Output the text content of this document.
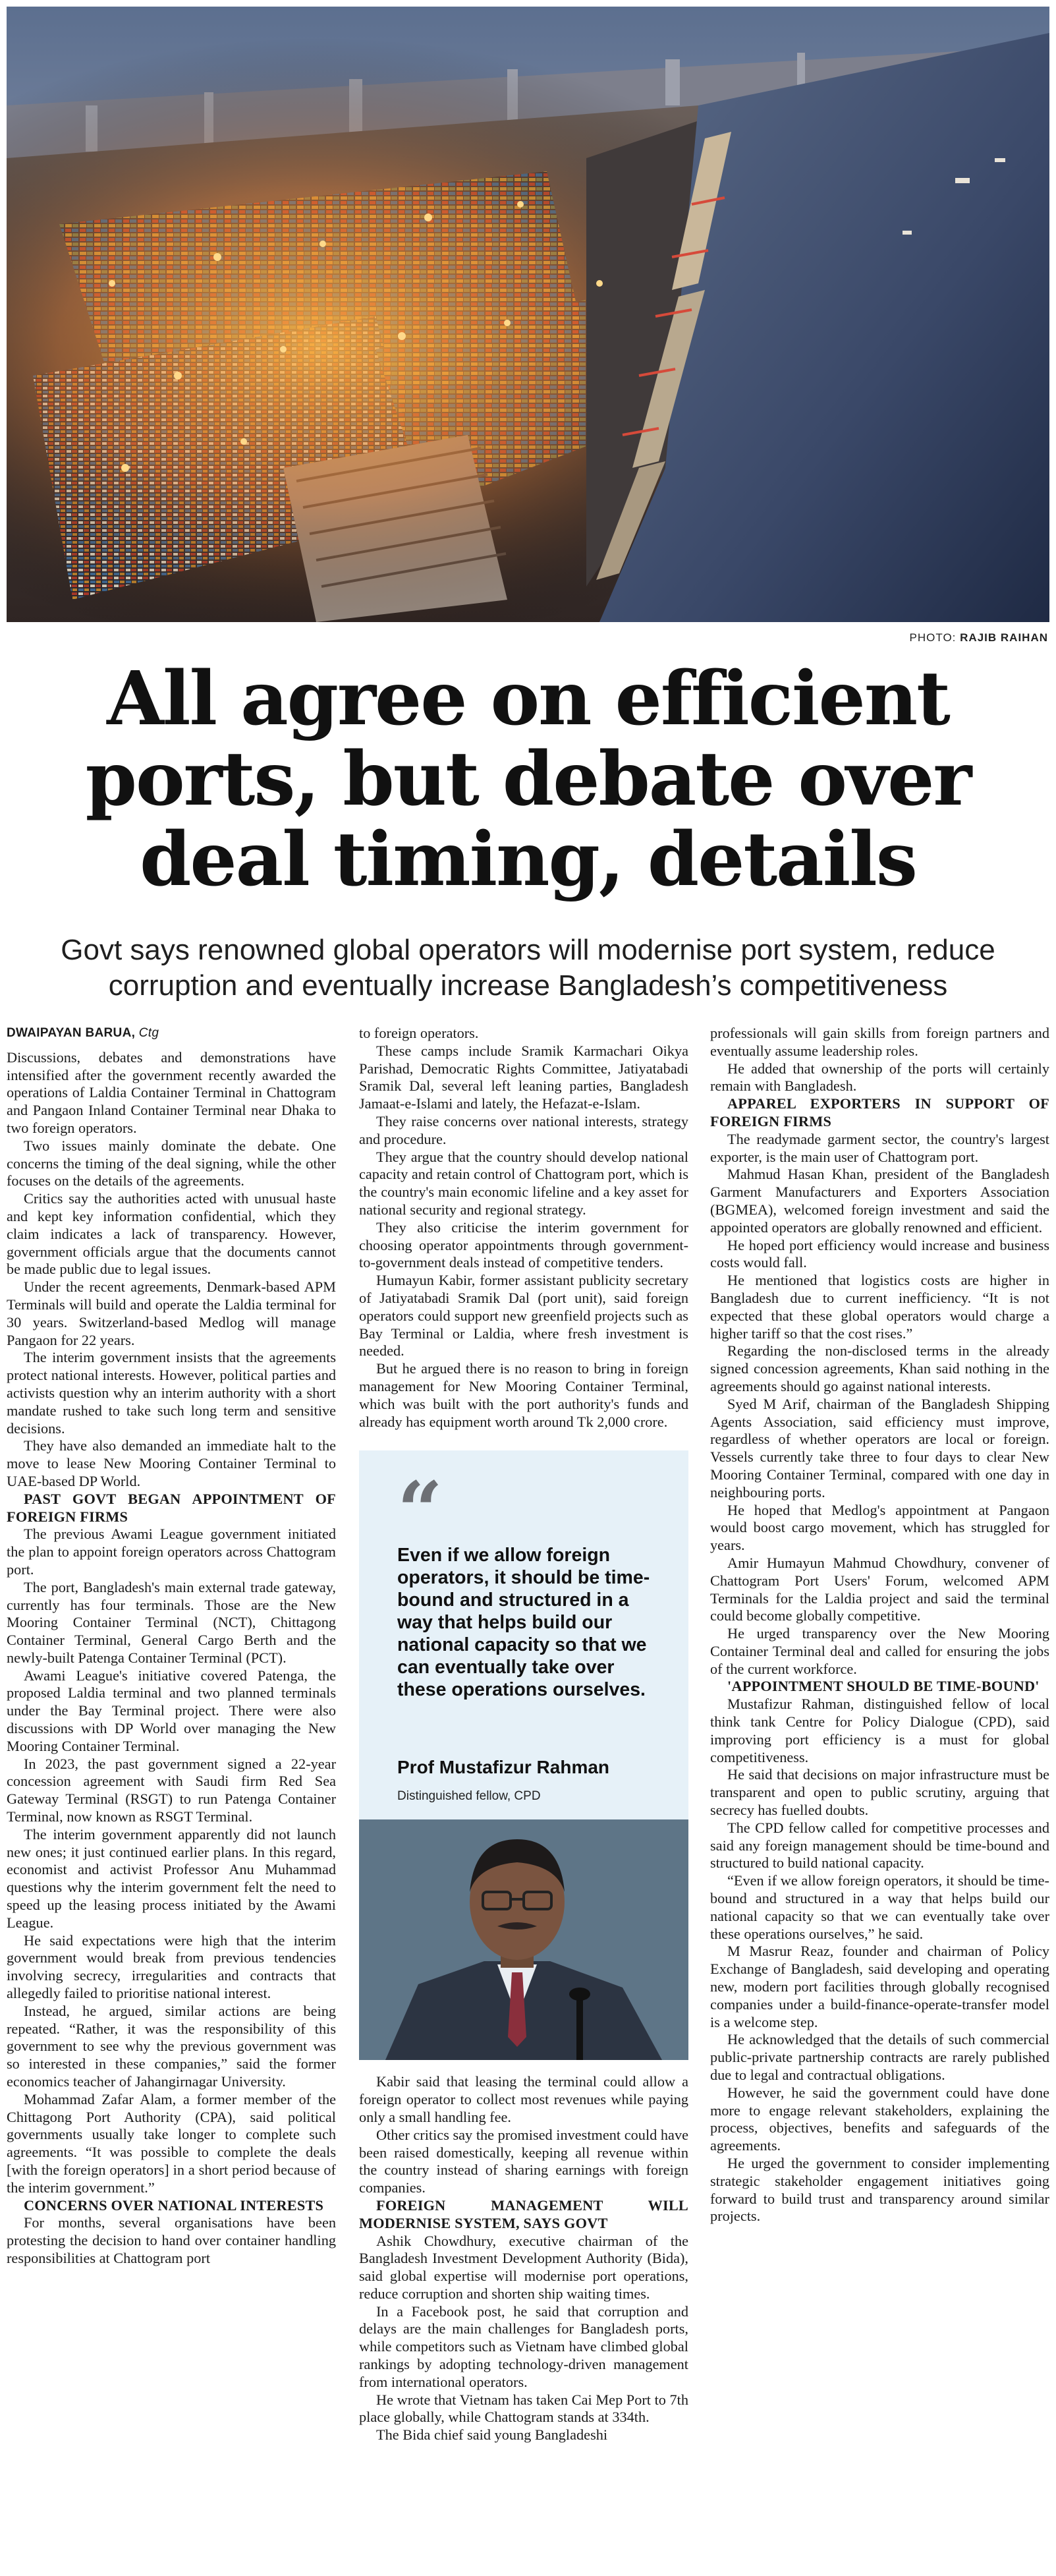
PHOTO: RAJIB RAIHAN
All agree on efficient ports, but debate over deal timing, details

Govt says renowned global operators will modernise port system, reduce corruption and eventually increase Bangladesh’s competitiveness

DWAIPAYAN BARUA, Ctg

Discussions, debates and demonstrations have intensified after the government recently awarded the operations of Laldia Container Terminal in Chattogram and Pangaon Inland Container Terminal near Dhaka to two foreign operators.

Two issues mainly dominate the debate. One concerns the timing of the deal signing, while the other focuses on the details of the agreements.

Critics say the authorities acted with unusual haste and kept key information confidential, which they claim indicates a lack of transparency. However, government officials argue that the documents cannot be made public due to legal issues.

Under the recent agreements, Denmark-based APM Terminals will build and operate the Laldia terminal for 30 years. Switzerland-based Medlog will manage Pangaon for 22 years.

The interim government insists that the agreements protect national interests. However, political parties and activists question why an interim authority with a short mandate rushed to take such long term and sensitive decisions.

They have also demanded an immediate halt to the move to lease New Mooring Container Terminal to UAE-based DP World.

PAST GOVT BEGAN APPOINTMENT OF FOREIGN FIRMS

The previous Awami League government initiated the plan to appoint foreign operators across Chattogram port.

The port, Bangladesh's main external trade gateway, currently has four terminals. Those are the New Mooring Container Terminal (NCT), Chittagong Container Terminal, General Cargo Berth and the newly-built Patenga Container Terminal (PCT).

Awami League's initiative covered Patenga, the proposed Laldia terminal and two planned terminals under the Bay Terminal project. There were also discussions with DP World over managing the New Mooring Container Terminal.

In 2023, the past government signed a 22-year concession agreement with Saudi firm Red Sea Gateway Terminal (RSGT) to run Patenga Container Terminal, now known as RSGT Terminal.

The interim government apparently did not launch new ones; it just continued earlier plans. In this regard, economist and activist Professor Anu Muhammad questions why the interim government felt the need to speed up the leasing process initiated by the Awami League.

He said expectations were high that the interim government would break from previous tendencies involving secrecy, irregularities and contracts that allegedly failed to prioritise national interest.

Instead, he argued, similar actions are being repeated. “Rather, it was the responsibility of this government to see why the previous government was so interested in these companies,” said the former economics teacher of Jahangirnagar University.

Mohammad Zafar Alam, a former member of the Chittagong Port Authority (CPA), said political governments usually take longer to complete such agreements. “It was possible to complete the deals [with the foreign operators] in a short period because of the interim government.”

CONCERNS OVER NATIONAL INTERESTS

For months, several organisations have been protesting the decision to hand over container handling responsibilities at Chattogram port

to foreign operators.

These camps include Sramik Karmachari Oikya Parishad, Democratic Rights Committee, Jatiyatabadi Sramik Dal, several left leaning parties, Bangladesh Jamaat-e-Islami and lately, the Hefazat-e-Islam.

They raise concerns over national interests, strategy and procedure.

They argue that the country should develop national capacity and retain control of Chattogram port, which is the country's main economic lifeline and a key asset for national security and regional strategy.

They also criticise the interim government for choosing operator appointments through government-to-government deals instead of competitive tenders.

Humayun Kabir, former assistant publicity secretary of Jatiyatabadi Sramik Dal (port unit), said foreign operators could support new greenfield projects such as Bay Terminal or Laldia, where fresh investment is needed.

But he argued there is no reason to bring in foreign management for New Mooring Container Terminal, which was built with the port authority's funds and already has equipment worth around Tk 2,000 crore.

“
Even if we allow foreign operators, it should be time-bound and structured in a way that helps build our national capacity so that we can eventually take over these operations ourselves.
Prof Mustafizur Rahman
Distinguished fellow, CPD

Kabir said that leasing the terminal could allow a foreign operator to collect most revenues while paying only a small handling fee.

Other critics say the promised investment could have been raised domestically, keeping all revenue within the country instead of sharing earnings with foreign companies.

FOREIGN MANAGEMENT WILL MODERNISE SYSTEM, SAYS GOVT

Ashik Chowdhury, executive chairman of the Bangladesh Investment Development Authority (Bida), said global expertise will modernise port operations, reduce corruption and shorten ship waiting times.

In a Facebook post, he said that corruption and delays are the main challenges for Bangladesh ports, while competitors such as Vietnam have climbed global rankings by adopting technology-driven management from international operators.

He wrote that Vietnam has taken Cai Mep Port to 7th place globally, while Chattogram stands at 334th.

The Bida chief said young Bangladeshi

professionals will gain skills from foreign partners and eventually assume leadership roles.

He added that ownership of the ports will certainly remain with Bangladesh.

APPAREL EXPORTERS IN SUPPORT OF FOREIGN FIRMS

The readymade garment sector, the country's largest exporter, is the main user of Chattogram port.

Mahmud Hasan Khan, president of the Bangladesh Garment Manufacturers and Exporters Association (BGMEA), welcomed foreign investment and said the appointed operators are globally renowned and efficient.

He hoped port efficiency would increase and business costs would fall.

He mentioned that logistics costs are higher in Bangladesh due to current inefficiency. “It is not expected that these global operators would charge a higher tariff so that the cost rises.”

Regarding the non-disclosed terms in the already signed concession agreements, Khan said nothing in the agreements should go against national interests.

Syed M Arif, chairman of the Bangladesh Shipping Agents Association, said efficiency must improve, regardless of whether operators are local or foreign. Vessels currently take three to four days to clear New Mooring Container Terminal, compared with one day in neighbouring ports.

He hoped that Medlog's appointment at Pangaon would boost cargo movement, which has struggled for years.

Amir Humayun Mahmud Chowdhury, convener of Chattogram Port Users' Forum, welcomed APM Terminals for the Laldia project and said the terminal could become globally competitive.

He urged transparency over the New Mooring Container Terminal deal and called for ensuring the jobs of the current workforce.

'APPOINTMENT SHOULD BE TIME-BOUND'

Mustafizur Rahman, distinguished fellow of local think tank Centre for Policy Dialogue (CPD), said improving port efficiency is a must for global competitiveness.

He said that decisions on major infrastructure must be transparent and open to public scrutiny, arguing that secrecy has fuelled doubts.

The CPD fellow called for competitive processes and said any foreign management should be time-bound and structured to build national capacity.

“Even if we allow foreign operators, it should be time-bound and structured in a way that helps build our national capacity so that we can eventually take over these operations ourselves,” he said.

M Masrur Reaz, founder and chairman of Policy Exchange of Bangladesh, said developing and operating new, modern port facilities through globally recognised companies under a build-finance-operate-transfer model is a welcome step.

He acknowledged that the details of such commercial public-private partnership contracts are rarely published due to legal and contractual obligations.

However, he said the government could have done more to engage relevant stakeholders, explaining the process, objectives, benefits and safeguards of the agreements.

He urged the government to consider implementing strategic stakeholder engagement initiatives going forward to build trust and transparency around similar projects.
